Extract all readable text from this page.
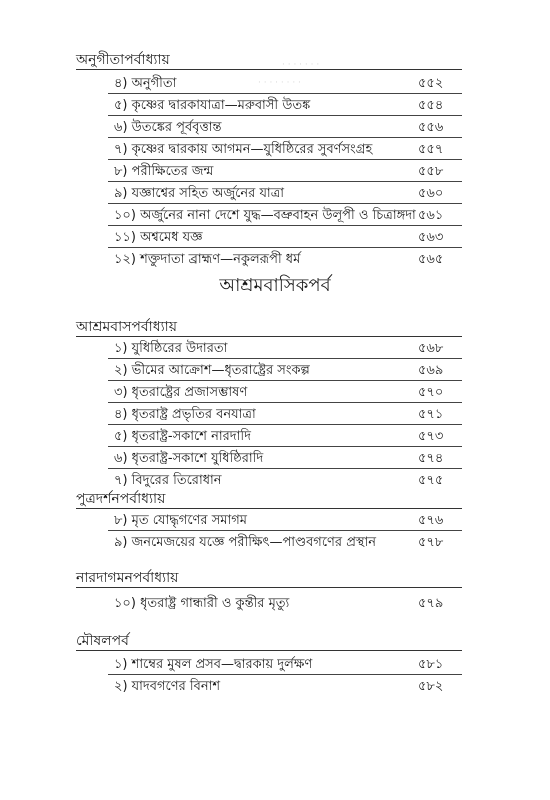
· · · · · · ·
· · · · · · · ·
অনুগীতাপর্বাধ্যায়
৪) অনুগীতা	৫৫২
৫) কৃষ্ণের দ্বারকাযাত্রা—মরুবাসী উতঙ্ক	৫৫৪
৬) উতঙ্কের পূর্ববৃত্তান্ত	৫৫৬
৭) কৃষ্ণের দ্বারকায় আগমন—যুধিষ্ঠিরের সুবর্ণসংগ্রহ	৫৫৭
৮) পরীক্ষিতের জন্ম	৫৫৮
৯) যজ্ঞাশ্বের সহিত অর্জুনের যাত্রা	৫৬০
১০) অর্জুনের নানা দেশে যুদ্ধ—বভ্রুবাহন উলূপী ও চিত্রাঙ্গদা ৫৬১
১১) অশ্বমেধ যজ্ঞ	৫৬৩
১২) শক্তুদাতা ব্রাহ্মণ—নকুলরূপী ধর্ম	৫৬৫
আশ্রমবাসিকপর্ব
আশ্রমবাসপর্বাধ্যায়
১) যুধিষ্ঠিরের উদারতা	৫৬৮
২) ভীমের আক্রোশ—ধৃতরাষ্ট্রের সংকল্প	৫৬৯
৩) ধৃতরাষ্ট্রের প্রজাসম্ভাষণ	৫৭০
৪) ধৃতরাষ্ট্র প্রভৃতির বনযাত্রা	৫৭১
৫) ধৃতরাষ্ট্র-সকাশে নারদাদি	৫৭৩
৬) ধৃতরাষ্ট্র-সকাশে যুধিষ্ঠিরাদি	৫৭৪
৭) বিদুরের তিরোধান	৫৭৫
পুত্রদর্শনপর্বাধ্যায়
৮) মৃত যোদ্ধৃগণের সমাগম	৫৭৬
৯) জনমেজয়ের যজ্ঞে পরীক্ষিৎ—পাণ্ডবগণের প্রস্থান	৫৭৮
নারদাগমনপর্বাধ্যায়
১০) ধৃতরাষ্ট্র গান্ধারী ও কুন্তীর মৃত্যু	৫৭৯
মৌষলপর্ব
১) শাম্বের মুষল প্রসব—দ্বারকায় দুর্লক্ষণ	৫৮১
২) যাদবগণের বিনাশ	৫৮২
